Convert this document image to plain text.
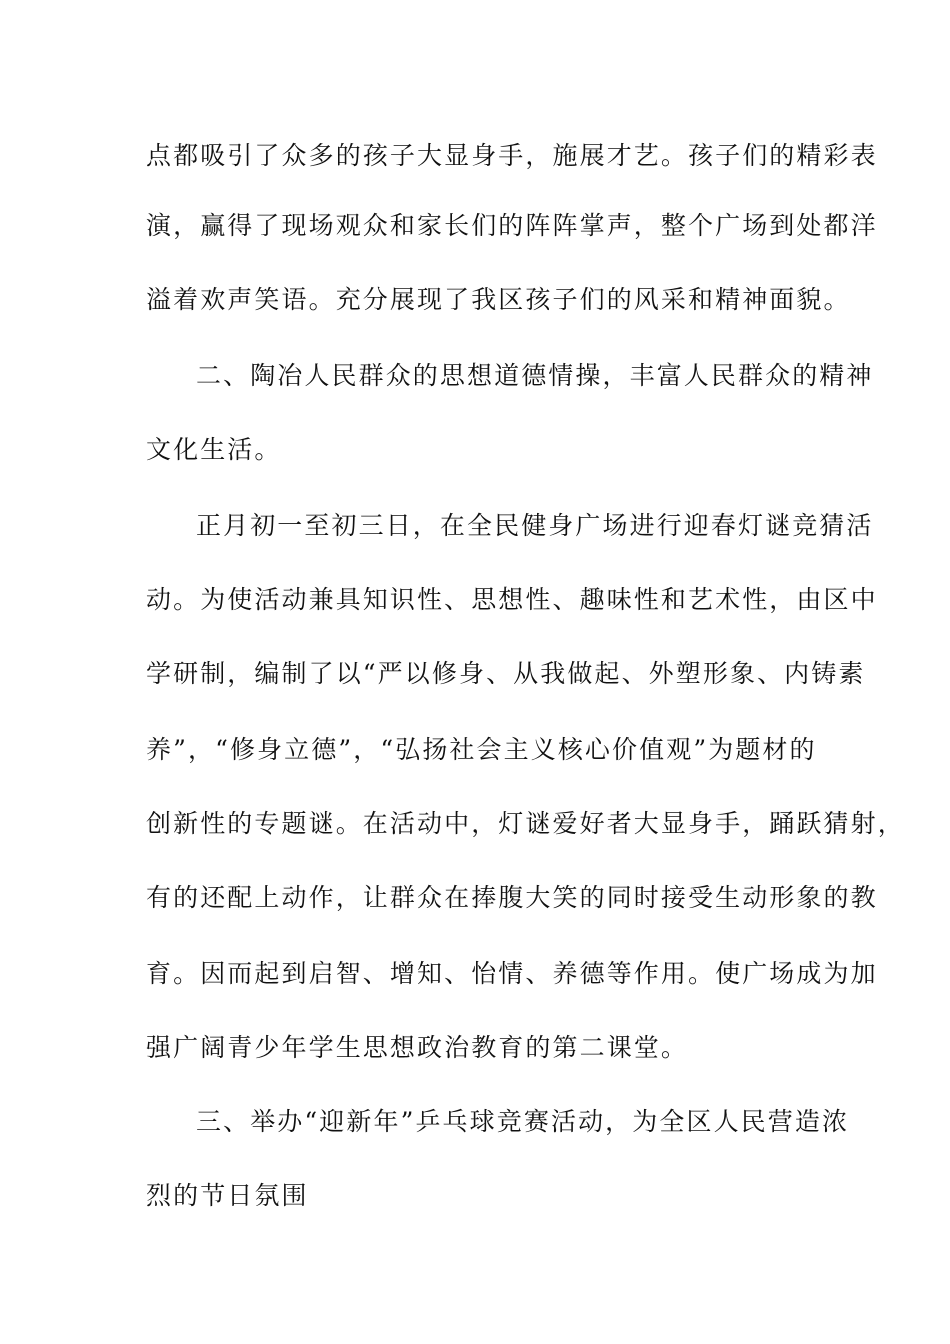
点都吸引了众多的孩子大显身手，施展才艺。孩子们的精彩表
演，赢得了现场观众和家长们的阵阵掌声，整个广场到处都洋
溢着欢声笑语。充分展现了我区孩子们的风采和精神面貌。
二、陶冶人民群众的思想道德情操，丰富人民群众的精神
文化生活。
正月初一至初三日，在全民健身广场进行迎春灯谜竞猜活
动。为使活动兼具知识性、思想性、趣味性和艺术性，由区中
学研制，编制了以“严以修身、从我做起、外塑形象、内铸素
养”，“修身立德”，“弘扬社会主义核心价值观”为题材的
创新性的专题谜。在活动中，灯谜爱好者大显身手，踊跃猜射，
有的还配上动作，让群众在捧腹大笑的同时接受生动形象的教
育。因而起到启智、增知、怡情、养德等作用。使广场成为加
强广阔青少年学生思想政治教育的第二课堂。
三、举办“迎新年”乒乓球竞赛活动，为全区人民营造浓
烈的节日氛围
